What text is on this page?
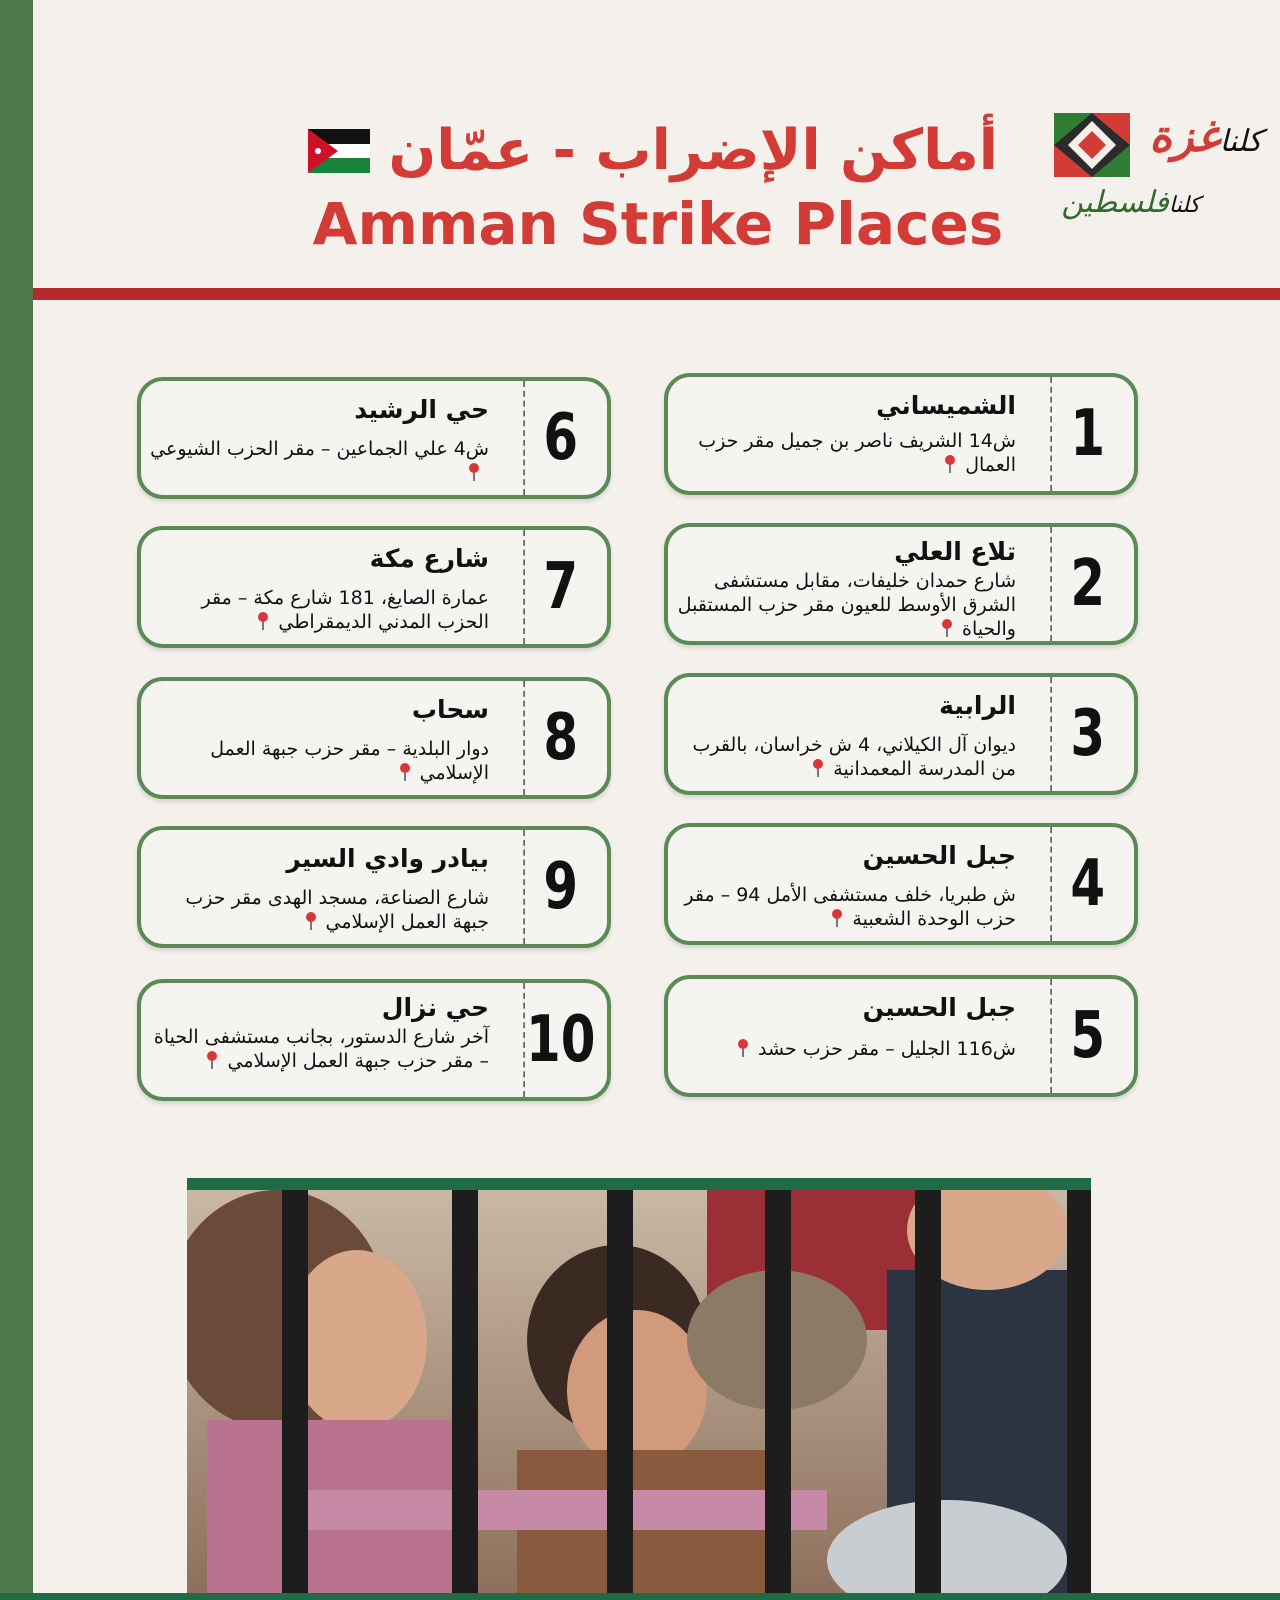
كلناغزة
كلنافلسطين
أماكن الإضراب - عمّان
Amman Strike Places
1
الشميساني
ش14 الشريف ناصر بن جميل مقر حزب العمال
2
تلاع العلي
شارع حمدان خليفات، مقابل مستشفى الشرق الأوسط للعيون مقر حزب المستقبل والحياة
3
الرابية
ديوان آل الكيلاني، 4 ش خراسان، بالقرب من المدرسة المعمدانية
4
جبل الحسين
ش طبريا، خلف مستشفى الأمل 94 – مقر حزب الوحدة الشعبية
5
جبل الحسين
ش116 الجليل – مقر حزب حشد
6
حي الرشيد
ش4 علي الجماعين – مقر الحزب الشيوعي
7
شارع مكة
عمارة الصايغ، 181 شارع مكة – مقر الحزب المدني الديمقراطي
8
سحاب
دوار البلدية – مقر حزب جبهة العمل الإسلامي
9
بيادر وادي السير
شارع الصناعة، مسجد الهدى مقر حزب جبهة العمل الإسلامي
10
حي نزال
آخر شارع الدستور، بجانب مستشفى الحياة – مقر حزب جبهة العمل الإسلامي
